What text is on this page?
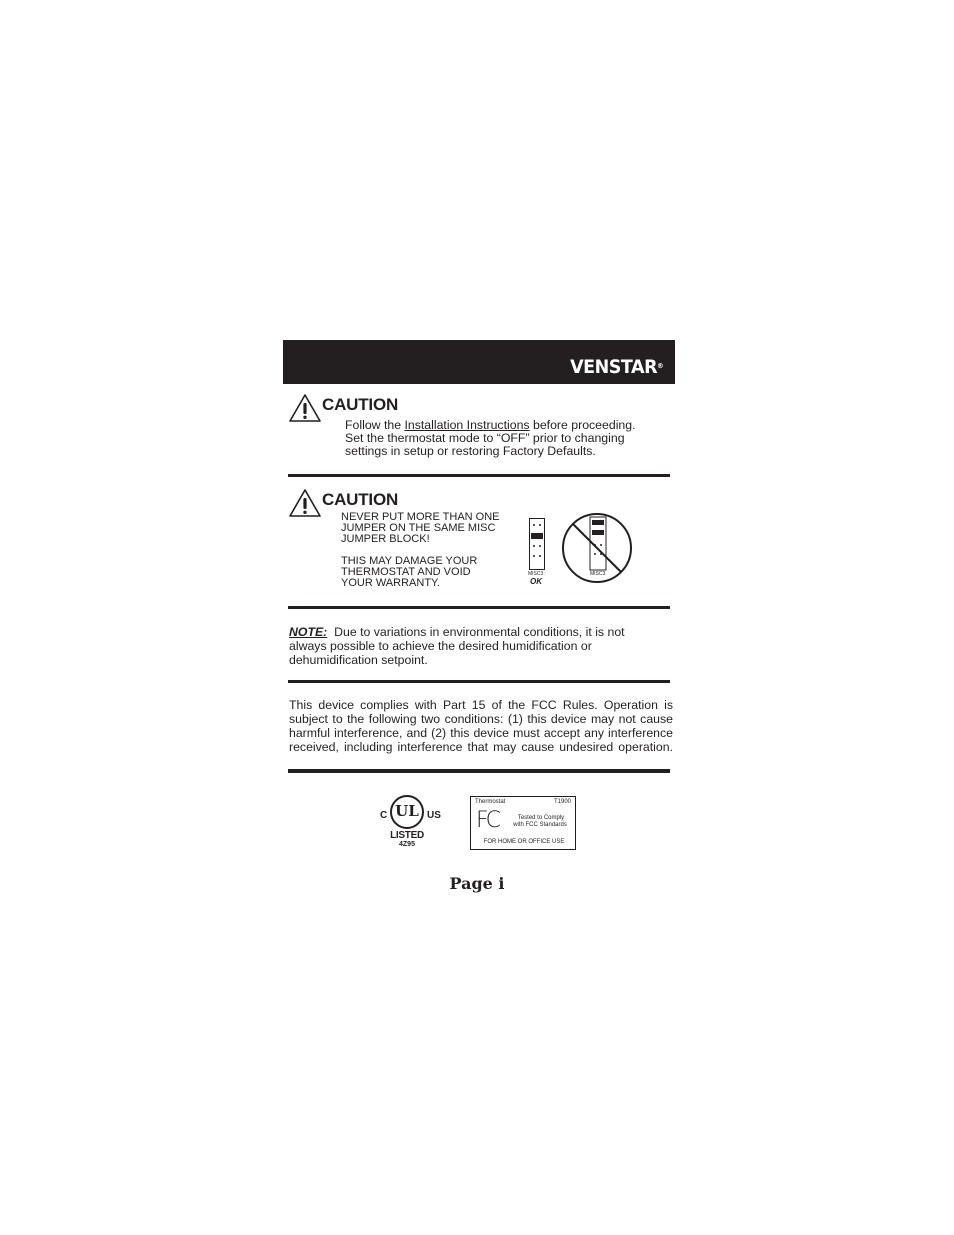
VENSTAR®
CAUTION
Follow the Installation Instructions before proceeding.
Set the thermostat mode to “OFF” prior to changing
settings in setup or restoring Factory Defaults.
CAUTION
NEVER PUT MORE THAN ONE
JUMPER ON THE SAME MISC
JUMPER BLOCK!
THIS MAY DAMAGE YOUR
THERMOSTAT AND VOID
YOUR WARRANTY.
MISC3
OK
MISC3
NOTE:  Due to variations in environmental conditions, it is not
always possible to achieve the desired humidification or
dehumidification setpoint.
This device complies with Part 15 of the FCC Rules. Operation is
subject to the following two conditions: (1) this device may not cause
harmful interference, and (2) this device must accept any interference
received, including interference that may cause undesired operation.
UL
C	US
LISTED
4Z95
Thermostat	T1900
FC	Tested to Comply
with FCC Standards
FOR HOME OR OFFICE USE
Page i
